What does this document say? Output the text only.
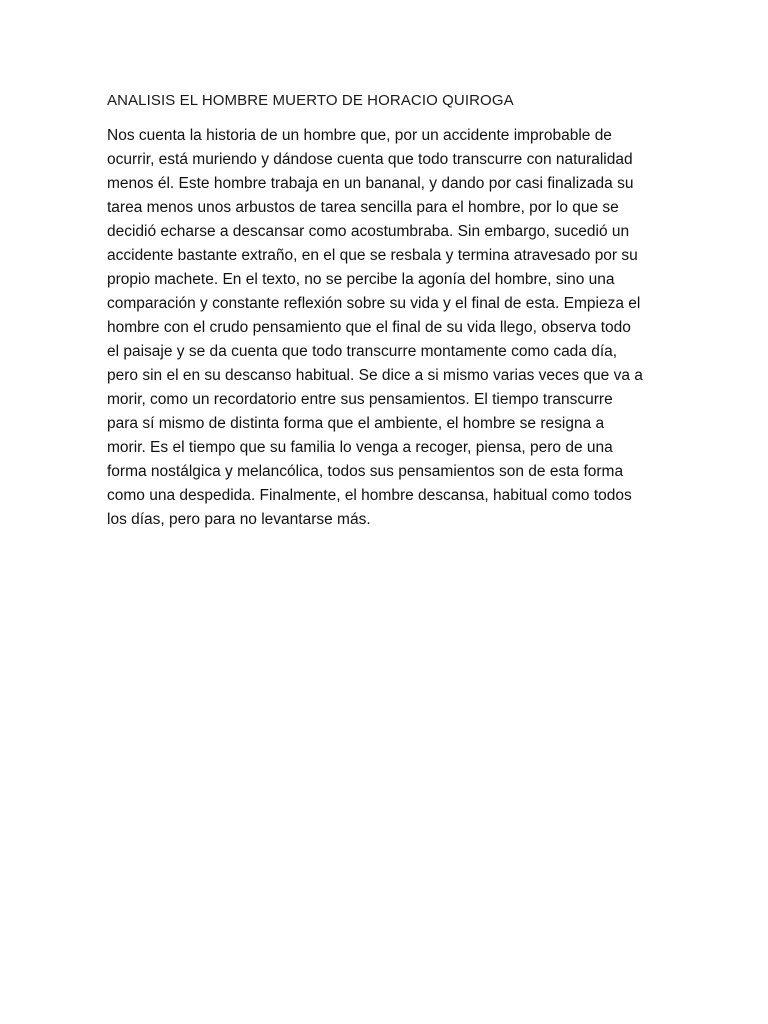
ANALISIS EL HOMBRE MUERTO DE HORACIO QUIROGA
Nos cuenta la historia de un hombre que, por un accidente improbable de
ocurrir, está muriendo y dándose cuenta que todo transcurre con naturalidad
menos él. Este hombre trabaja en un bananal, y dando por casi finalizada su
tarea menos unos arbustos de tarea sencilla para el hombre, por lo que se
decidió echarse a descansar como acostumbraba. Sin embargo, sucedió un
accidente bastante extraño, en el que se resbala y termina atravesado por su
propio machete. En el texto, no se percibe la agonía del hombre, sino una
comparación y constante reflexión sobre su vida y el final de esta. Empieza el
hombre con el crudo pensamiento que el final de su vida llego, observa todo
el paisaje y se da cuenta que todo transcurre montamente como cada día,
pero sin el en su descanso habitual. Se dice a si mismo varias veces que va a
morir, como un recordatorio entre sus pensamientos. El tiempo transcurre
para sí mismo de distinta forma que el ambiente, el hombre se resigna a
morir. Es el tiempo que su familia lo venga a recoger, piensa, pero de una
forma nostálgica y melancólica, todos sus pensamientos son de esta forma
como una despedida. Finalmente, el hombre descansa, habitual como todos
los días, pero para no levantarse más.
